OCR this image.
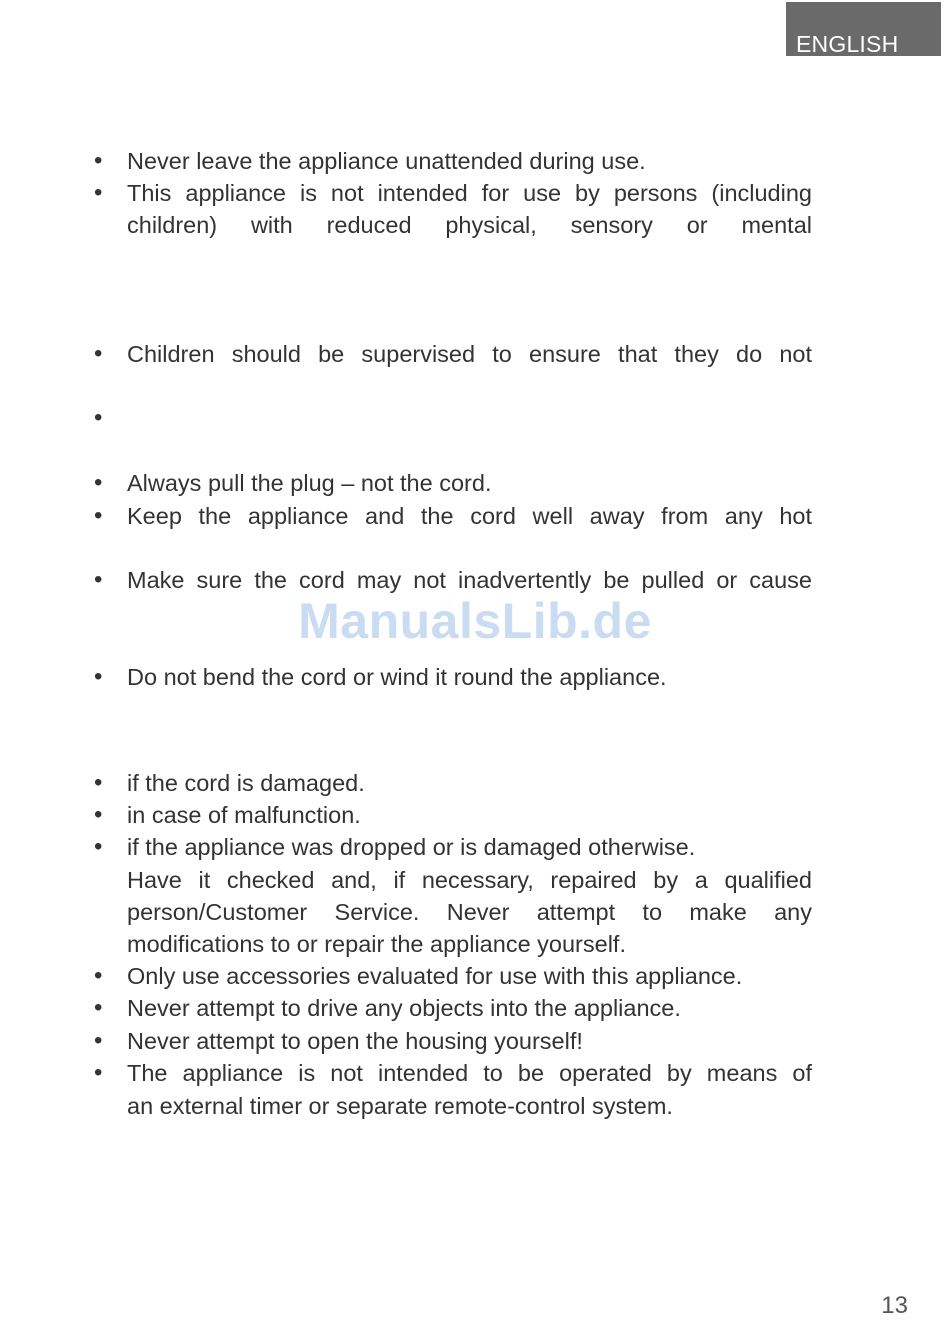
ENGLISH
•	Never leave the appliance unattended during use.
•	This appliance is not intended for use by persons (including
children) with reduced physical, sensory or mental
•	Children should be supervised to ensure that they do not
•
•	Always pull the plug – not the cord.
•	Keep the appliance and the cord well away from any hot
•	Make sure the cord may not inadvertently be pulled or cause
•	Do not bend the cord or wind it round the appliance.
•	if the cord is damaged.
•	in case of malfunction.
•	if the appliance was dropped or is damaged otherwise.
Have it checked and, if necessary, repaired by a qualified
person/Customer Service. Never attempt to make any
modifications to or repair the appliance yourself.
•	Only use accessories evaluated for use with this appliance.
•	Never attempt to drive any objects into the appliance.
•	Never attempt to open the housing yourself!
•	The appliance is not intended to be operated by means of
an external timer or separate remote-control system.
ManualsLib.de
13
